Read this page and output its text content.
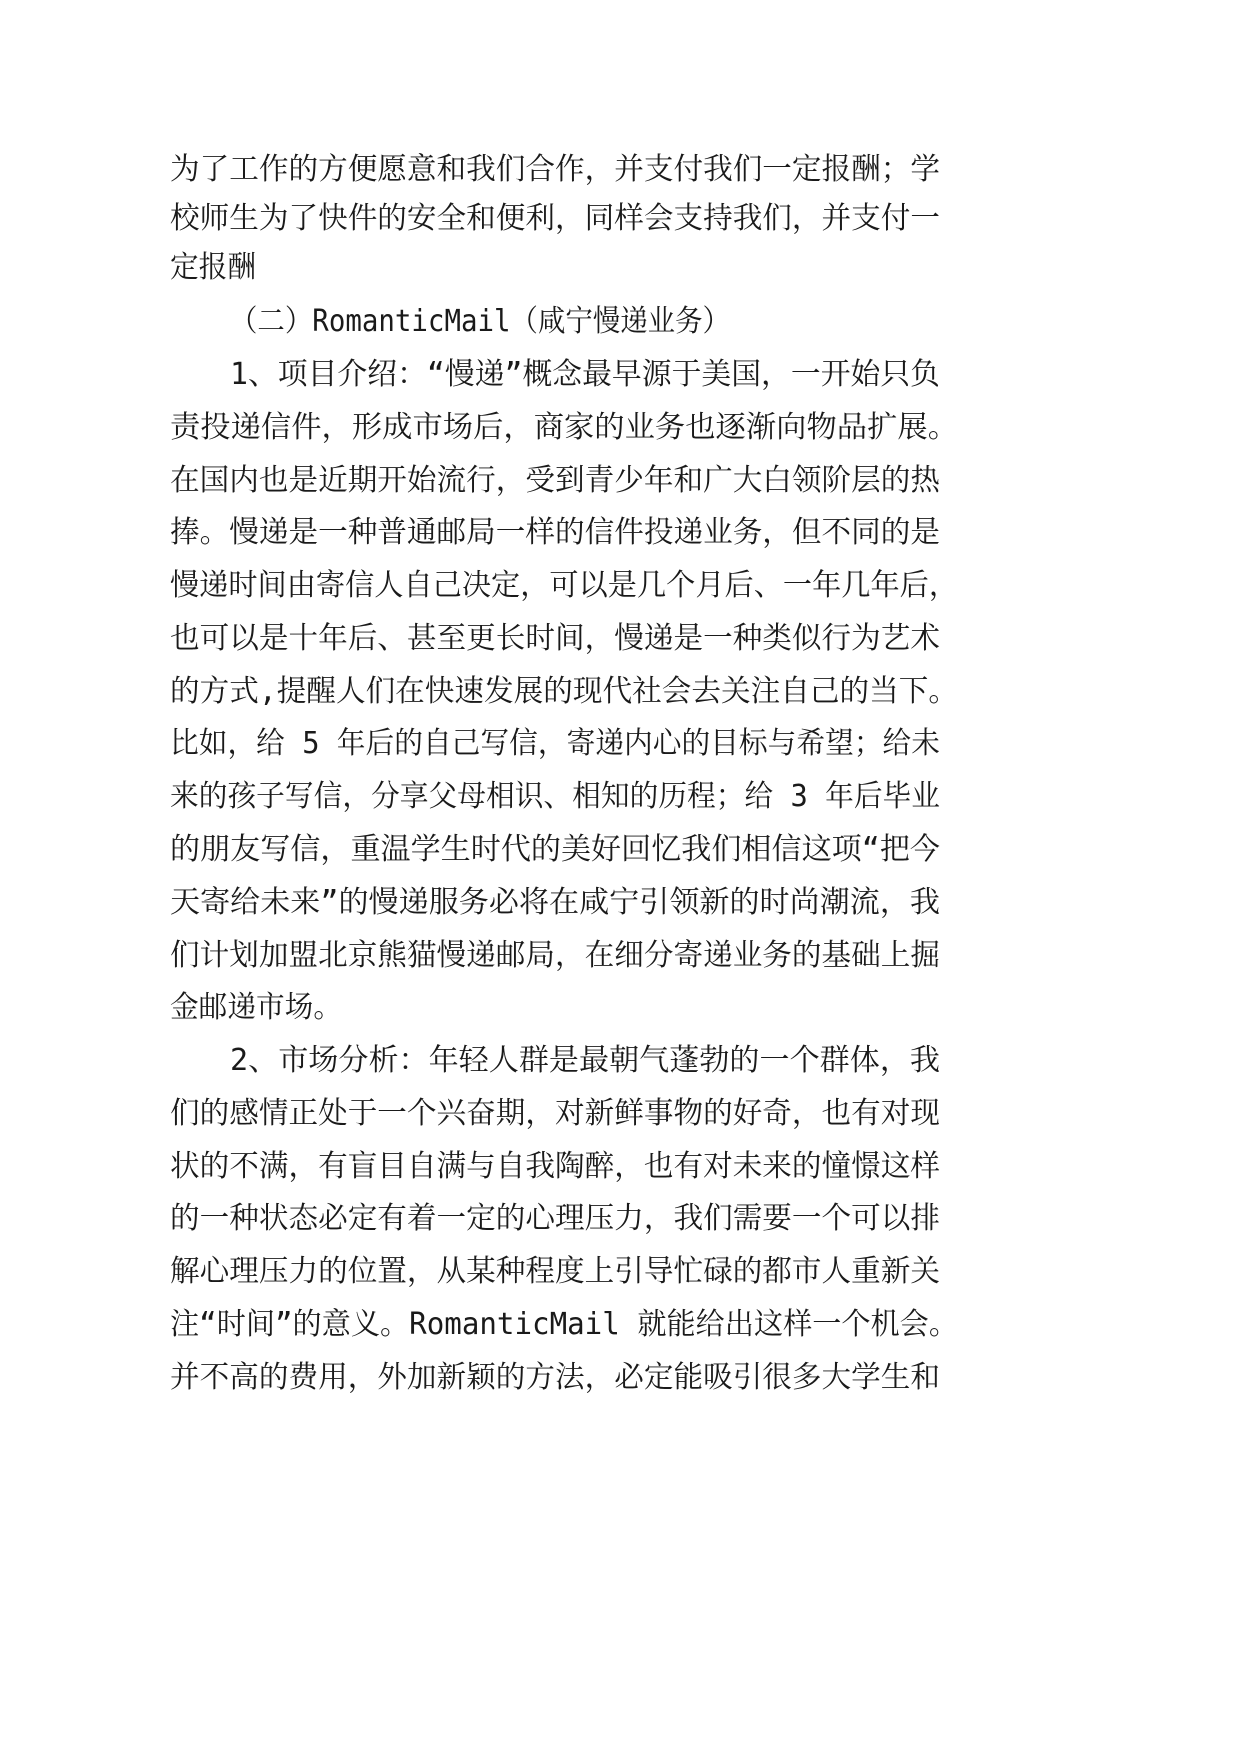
为了工作的方便愿意和我们合作，并支付我们一定报酬；学
校师生为了快件的安全和便利，同样会支持我们，并支付一
定报酬
（二）RomanticMail（咸宁慢递业务）
1、项目介绍：“慢递”概念最早源于美国，一开始只负
责投递信件，形成市场后，商家的业务也逐渐向物品扩展。
在国内也是近期开始流行，受到青少年和广大白领阶层的热
捧。慢递是一种普通邮局一样的信件投递业务，但不同的是
慢递时间由寄信人自己决定，可以是几个月后、一年几年后，
也可以是十年后、甚至更长时间，慢递是一种类似行为艺术
的方式,提醒人们在快速发展的现代社会去关注自己的当下。
比如，给 5 年后的自己写信，寄递内心的目标与希望；给未
来的孩子写信，分享父母相识、相知的历程；给 3 年后毕业
的朋友写信，重温学生时代的美好回忆我们相信这项“把今
天寄给未来”的慢递服务必将在咸宁引领新的时尚潮流，我
们计划加盟北京熊猫慢递邮局，在细分寄递业务的基础上掘
金邮递市场。
2、市场分析：年轻人群是最朝气蓬勃的一个群体，我
们的感情正处于一个兴奋期，对新鲜事物的好奇，也有对现
状的不满，有盲目自满与自我陶醉，也有对未来的憧憬这样
的一种状态必定有着一定的心理压力，我们需要一个可以排
解心理压力的位置，从某种程度上引导忙碌的都市人重新关
注“时间”的意义。RomanticMail 就能给出这样一个机会。
并不高的费用，外加新颖的方法，必定能吸引很多大学生和
